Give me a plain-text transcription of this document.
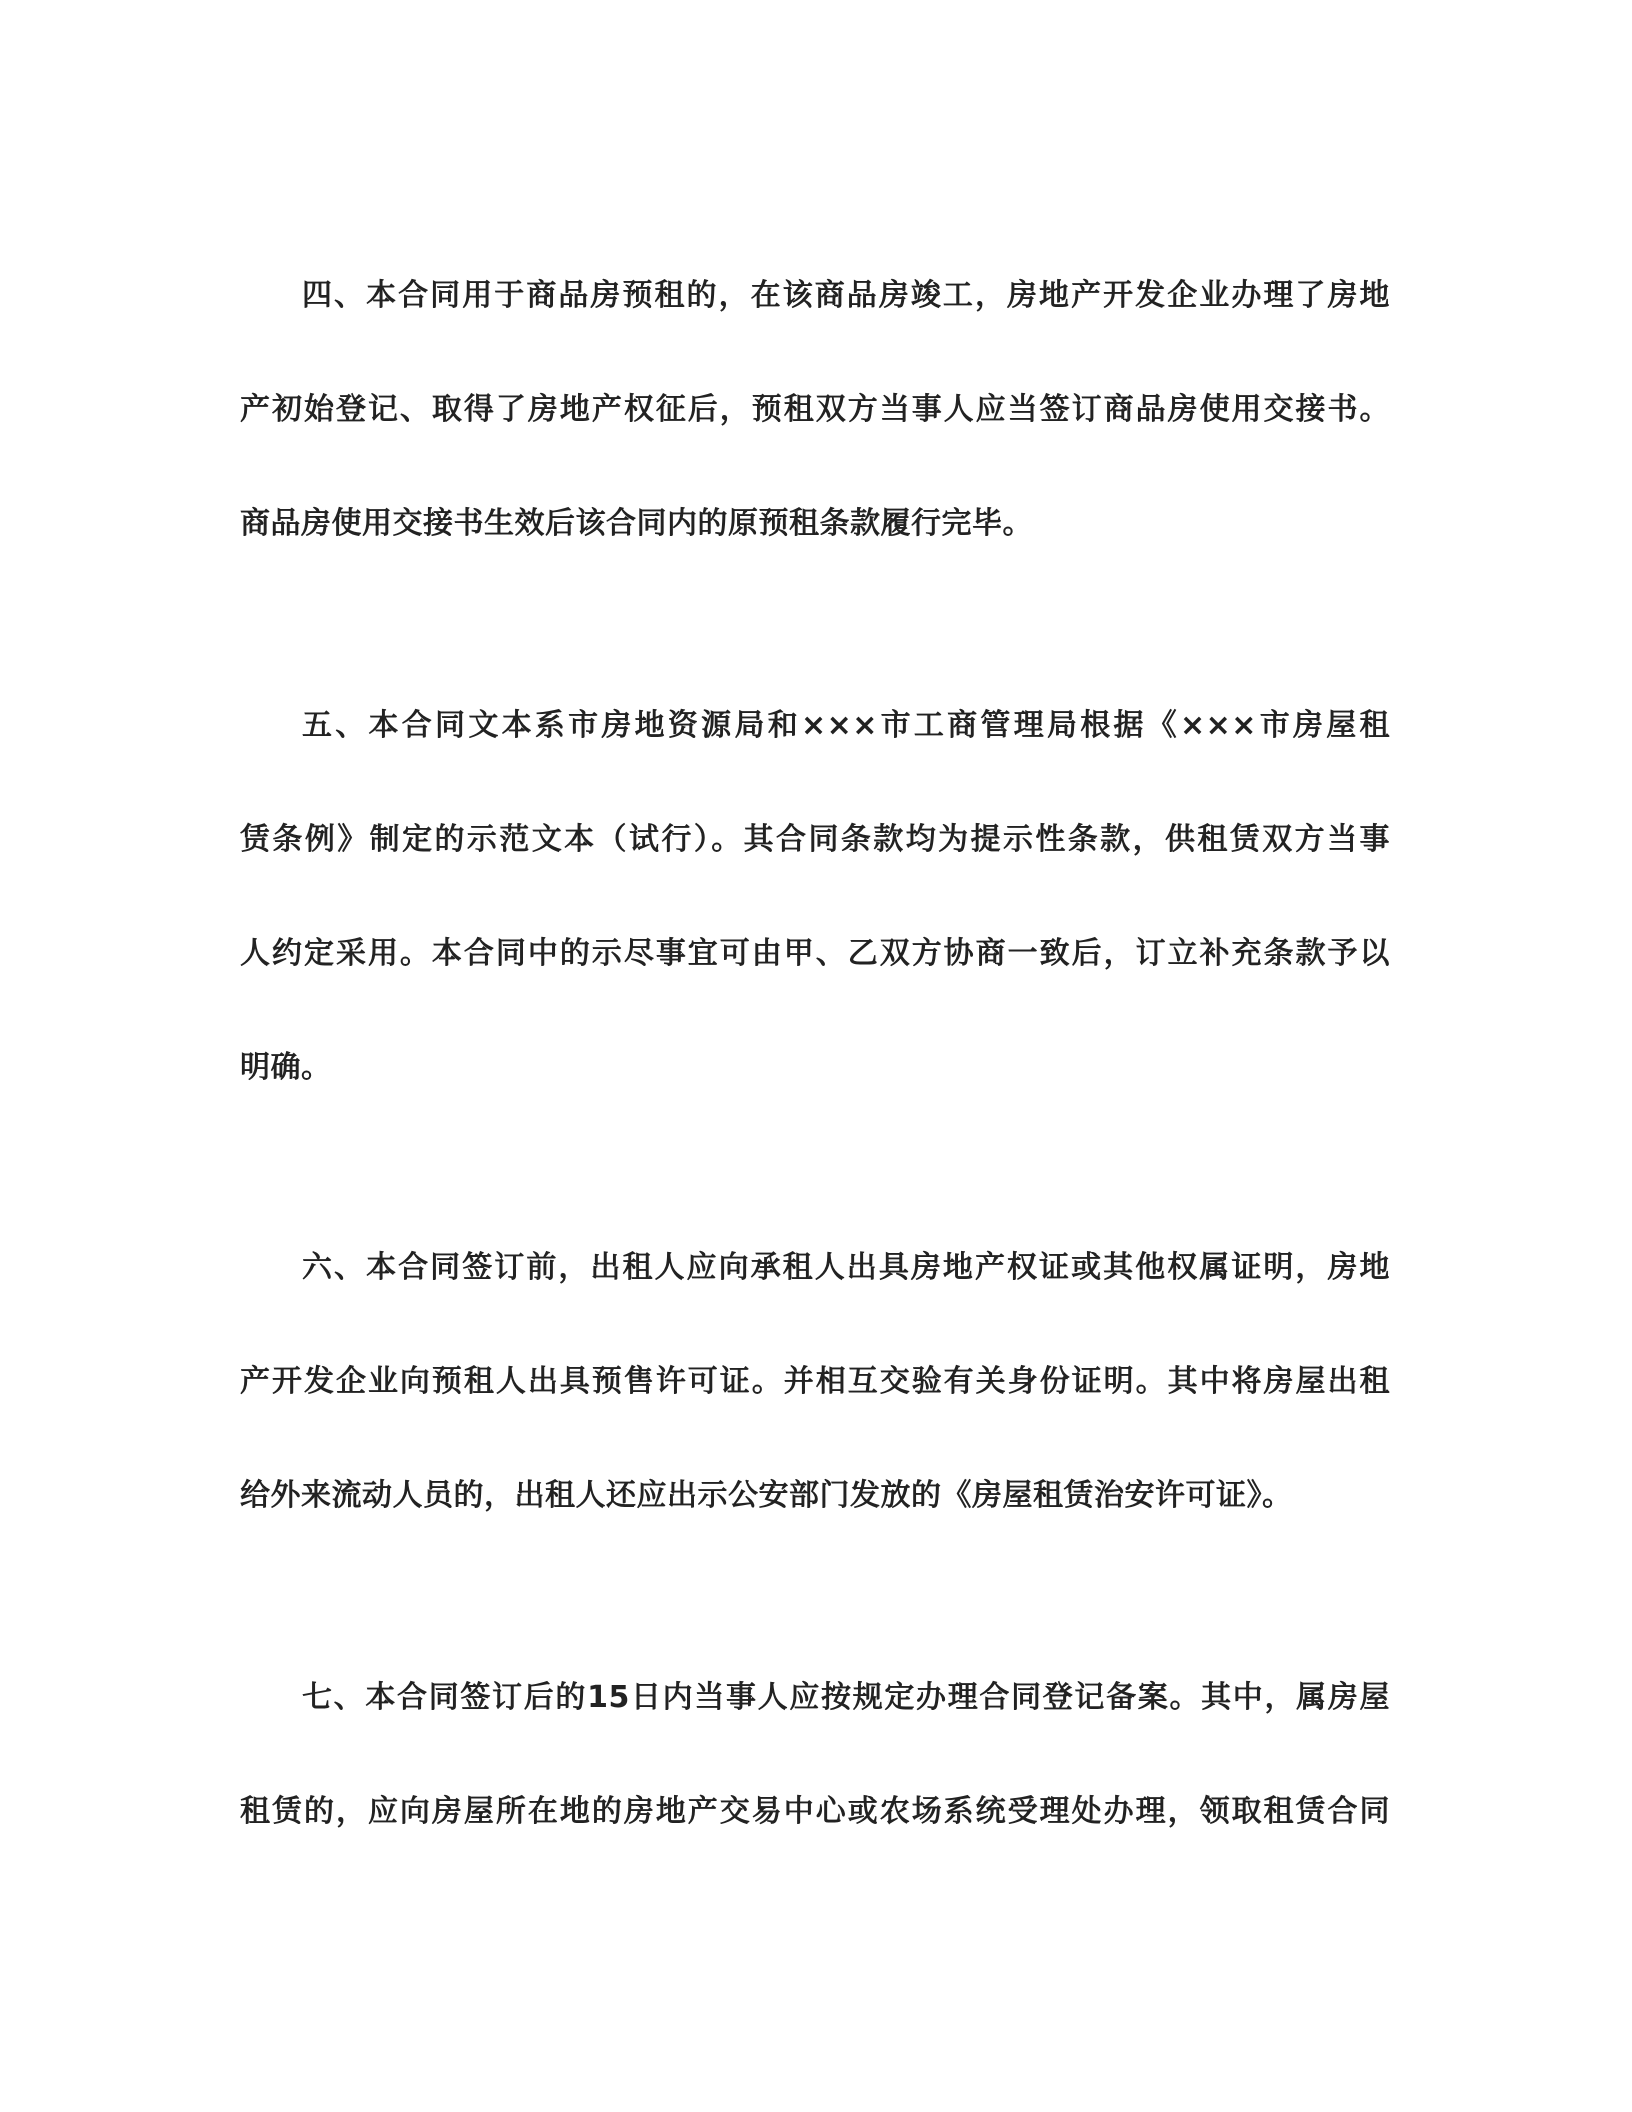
四、本合同用于商品房预租的，在该商品房竣工，房地产开发企业办理了房地

产初始登记、取得了房地产权征后，预租双方当事人应当签订商品房使用交接书。

商品房使用交接书生效后该合同内的原预租条款履行完毕。

五、本合同文本系市房地资源局和×××市工商管理局根据《×××市房屋租

赁条例》制定的示范文本（试行）。其合同条款均为提示性条款，供租赁双方当事

人约定采用。本合同中的示尽事宜可由甲、乙双方协商一致后，订立补充条款予以

明确。

六、本合同签订前，出租人应向承租人出具房地产权证或其他权属证明，房地

产开发企业向预租人出具预售许可证。并相互交验有关身份证明。其中将房屋出租

给外来流动人员的，出租人还应出示公安部门发放的《房屋租赁治安许可证》。

七、本合同签订后的15日内当事人应按规定办理合同登记备案。其中，属房屋

租赁的，应向房屋所在地的房地产交易中心或农场系统受理处办理，领取租赁合同
